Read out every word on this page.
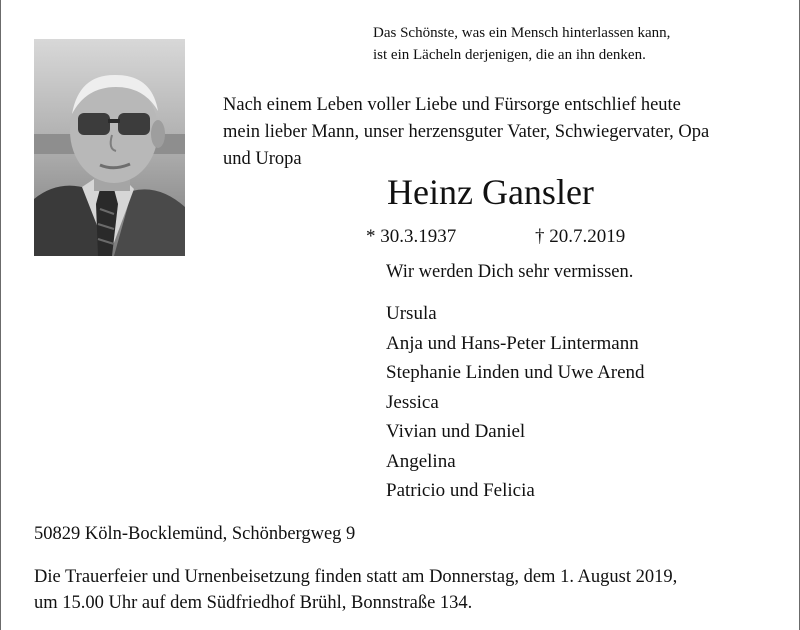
Das Schönste, was ein Mensch hinterlassen kann,
ist ein Lächeln derjenigen, die an ihn denken.
Nach einem Leben voller Liebe und Fürsorge entschlief heute
mein lieber Mann, unser herzensguter Vater, Schwiegervater, Opa
und Uropa
Heinz Gansler
* 30.3.1937	† 20.7.2019
Wir werden Dich sehr vermissen.
Ursula
Anja und Hans-Peter Lintermann
Stephanie Linden und Uwe Arend
Jessica
Vivian und Daniel
Angelina
Patricio und Felicia
50829 Köln-Bocklemünd, Schönbergweg 9
Die Trauerfeier und Urnenbeisetzung finden statt am Donnerstag, dem 1. August 2019,
um 15.00 Uhr auf dem Südfriedhof Brühl, Bonnstraße 134.
